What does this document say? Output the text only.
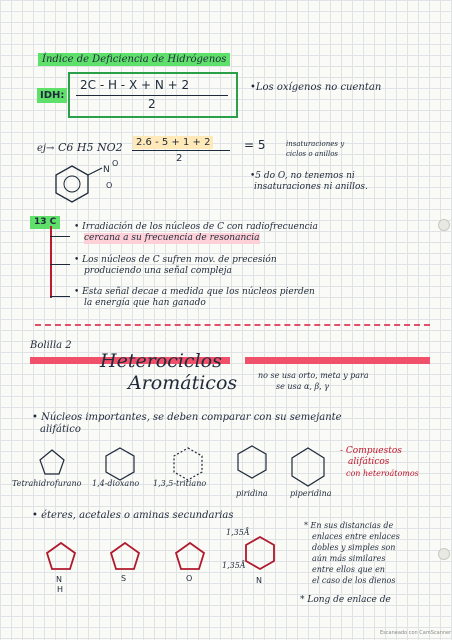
Índice de Deficiencia de Hidrógenos
IDH:
2C - H - X + N + 2
2
•Los oxígenos no cuentan
ej→ C6 H5 NO2	2.6 - 5 + 1 + 2
2
= 5	insaturaciones y
ciclos o anillos
N
O
O
•5 do O, no tenemos ni
insaturaciones ni anillos.
13 C	• Irradiación de los núcleos de C con radiofrecuencia
cercana a su frecuencia de resonancia
• Los núcleos de C sufren mov. de precesión
produciendo una señal compleja
• Esta señal decae a medida que los núcleos pierden
la energía que han ganado
Bolilla 2
Heterociclos
Aromáticos	no se usa orto, meta y para
se usa α, β, γ
• Núcleos importantes, se deben comparar con su semejante
alifático
Tetrahidrofurano 1,4-dioxano 1,3,5-tritiano
piridina	piperidina
- Compuestos
alifáticos
con heteroátomos
• éteres, acetales o aminas secundarias
N
H
S	O	N
1,35Å
1,35Å
* En sus distancias de
enlaces entre enlaces
dobles y simples son
aún más similares
entre ellos que en
el caso de los dienos
* Long de enlace de
Escaneado con CamScanner
